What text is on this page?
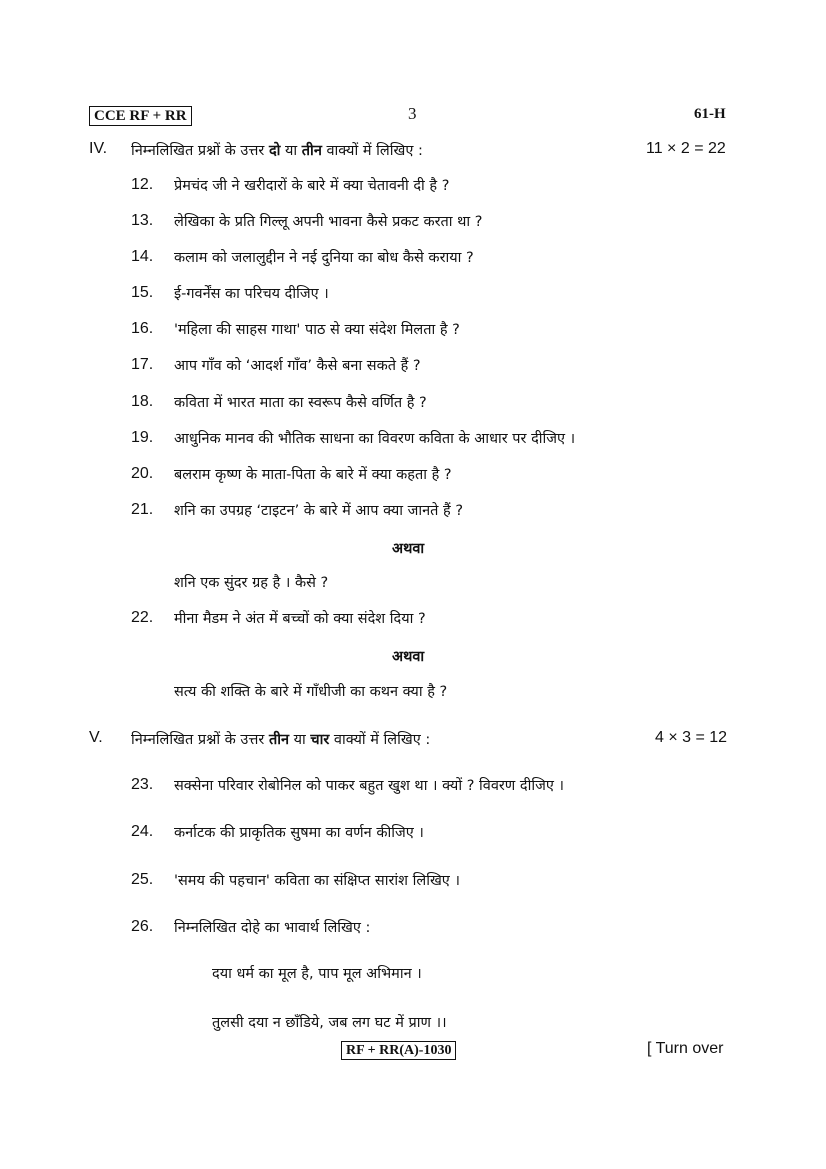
CCE RF + RR	3	61-H
IV. निम्नलिखित प्रश्नों के उत्तर दो या तीन वाक्यों में लिखिए :	11 × 2 = 22
12. प्रेमचंद जी ने खरीदारों के बारे में क्या चेतावनी दी है ?
13. लेखिका के प्रति गिल्लू अपनी भावना कैसे प्रकट करता था ?
14. कलाम को जलालुद्दीन ने नई दुनिया का बोध कैसे कराया ?
15. ई-गवर्नेंस का परिचय दीजिए ।
16. 'महिला की साहस गाथा' पाठ से क्या संदेश मिलता है ?
17. आप गाँव को ‘आदर्श गाँव’ कैसे बना सकते हैं ?
18. कविता में भारत माता का स्वरूप कैसे वर्णित है ?
19. आधुनिक मानव की भौतिक साधना का विवरण कविता के आधार पर दीजिए ।
20. बलराम कृष्ण के माता-पिता के बारे में क्या कहता है ?
21. शनि का उपग्रह ‘टाइटन’ के बारे में आप क्या जानते हैं ?
अथवा
शनि एक सुंदर ग्रह है । कैसे ?
22. मीना मैडम ने अंत में बच्चों को क्या संदेश दिया ?
अथवा
सत्य की शक्ति के बारे में गाँधीजी का कथन क्या है ?
V. निम्नलिखित प्रश्नों के उत्तर तीन या चार वाक्यों में लिखिए :	4 × 3 = 12
23. सक्सेना परिवार रोबोनिल को पाकर बहुत खुश था । क्यों ? विवरण दीजिए ।
24. कर्नाटक की प्राकृतिक सुषमा का वर्णन कीजिए ।
25. 'समय की पहचान' कविता का संक्षिप्त सारांश लिखिए ।
26. निम्नलिखित दोहे का भावार्थ लिखिए :
दया धर्म का मूल है, पाप मूल अभिमान ।
तुलसी दया न छाँडिये, जब लग घट में प्राण ।।
RF + RR(A)-1030	[ Turn over
